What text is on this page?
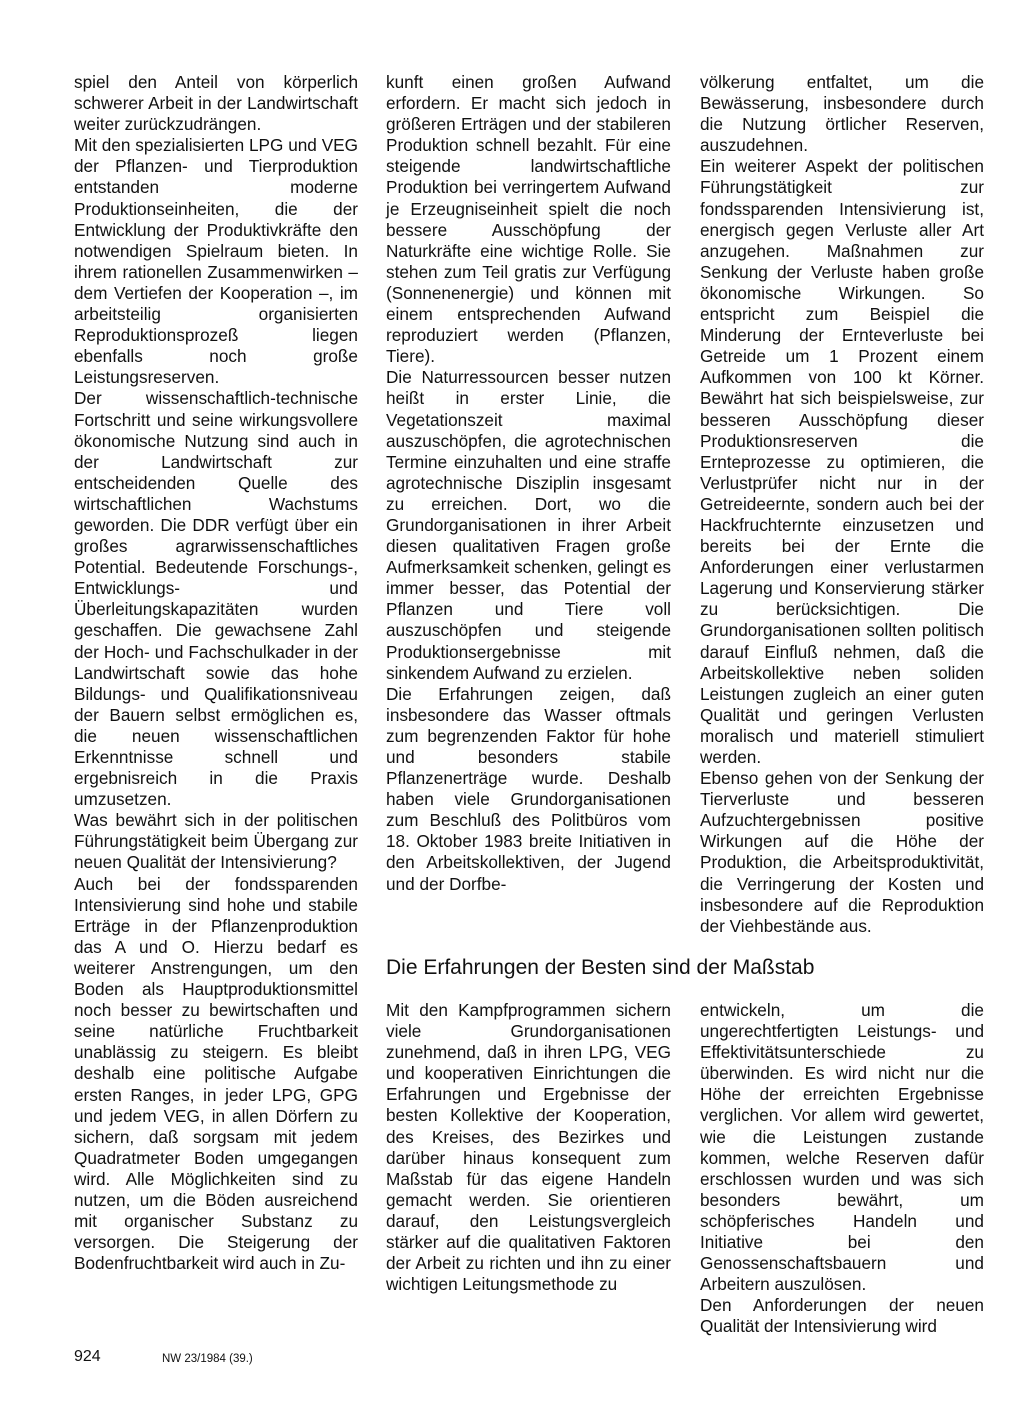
spiel den Anteil von körperlich schwerer Arbeit in der Landwirtschaft weiter zurückzudrängen.

Mit den spezialisierten LPG und VEG der Pflanzen- und Tierproduktion entstanden moderne Produktionseinheiten, die der Entwicklung der Produktivkräfte den notwendigen Spielraum bieten. In ihrem rationellen Zusammenwirken – dem Vertiefen der Kooperation –, im arbeitsteilig organisierten Reproduktionsprozeß liegen ebenfalls noch große Leistungsreserven.

Der wissenschaftlich-technische Fortschritt und seine wirkungsvollere ökonomische Nutzung sind auch in der Landwirtschaft zur entscheidenden Quelle des wirtschaftlichen Wachstums geworden. Die DDR verfügt über ein großes agrarwissenschaftliches Potential. Bedeutende Forschungs-, Entwicklungs- und Überleitungskapazitäten wurden geschaffen. Die gewachsene Zahl der Hoch- und Fachschulkader in der Landwirtschaft sowie das hohe Bildungs- und Qualifikationsniveau der Bauern selbst ermöglichen es, die neuen wissenschaftlichen Erkenntnisse schnell und ergebnisreich in die Praxis umzusetzen.

Was bewährt sich in der politischen Führungstätigkeit beim Übergang zur neuen Qualität der Intensivierung?

Auch bei der fondssparenden Intensivierung sind hohe und stabile Erträge in der Pflanzenproduktion das A und O. Hierzu bedarf es weiterer Anstrengungen, um den Boden als Hauptproduktionsmittel noch besser zu bewirtschaften und seine natürliche Fruchtbarkeit unablässig zu steigern. Es bleibt deshalb eine politische Aufgabe ersten Ranges, in jeder LPG, GPG und jedem VEG, in allen Dörfern zu sichern, daß sorgsam mit jedem Quadratmeter Boden umgegangen wird. Alle Möglichkeiten sind zu nutzen, um die Böden ausreichend mit organischer Substanz zu versorgen. Die Steigerung der Bodenfruchtbarkeit wird auch in Zu-

kunft einen großen Aufwand erfordern. Er macht sich jedoch in größeren Erträgen und der stabileren Produktion schnell bezahlt. Für eine steigende landwirtschaftliche Produktion bei verringertem Aufwand je Erzeugniseinheit spielt die noch bessere Ausschöpfung der Naturkräfte eine wichtige Rolle. Sie stehen zum Teil gratis zur Verfügung (Sonnenenergie) und können mit einem entsprechenden Aufwand reproduziert werden (Pflanzen, Tiere).

Die Naturressourcen besser nutzen heißt in erster Linie, die Vegetationszeit maximal auszuschöpfen, die agrotechnischen Termine einzuhalten und eine straffe agrotechnische Disziplin insgesamt zu erreichen. Dort, wo die Grundorganisationen in ihrer Arbeit diesen qualitativen Fragen große Aufmerksamkeit schenken, gelingt es immer besser, das Potential der Pflanzen und Tiere voll auszuschöpfen und steigende Produktionsergebnisse mit sinkendem Aufwand zu erzielen.

Die Erfahrungen zeigen, daß insbesondere das Wasser oftmals zum begrenzenden Faktor für hohe und besonders stabile Pflanzenerträge wurde. Deshalb haben viele Grundorganisationen zum Beschluß des Politbüros vom 18. Oktober 1983 breite Initiativen in den Arbeitskollektiven, der Jugend und der Dorfbe-

völkerung entfaltet, um die Bewässerung, insbesondere durch die Nutzung örtlicher Reserven, auszudehnen.

Ein weiterer Aspekt der politischen Führungstätigkeit zur fondssparenden Intensivierung ist, energisch gegen Verluste aller Art anzugehen. Maßnahmen zur Senkung der Verluste haben große ökonomische Wirkungen. So entspricht zum Beispiel die Minderung der Ernteverluste bei Getreide um 1 Prozent einem Aufkommen von 100 kt Körner. Bewährt hat sich beispielsweise, zur besseren Ausschöpfung dieser Produktionsreserven die Ernteprozesse zu optimieren, die Verlustprüfer nicht nur in der Getreideernte, sondern auch bei der Hackfruchternte einzusetzen und bereits bei der Ernte die Anforderungen einer verlustarmen Lagerung und Konservierung stärker zu berücksichtigen. Die Grundorganisationen sollten politisch darauf Einfluß nehmen, daß die Arbeitskollektive neben soliden Leistungen zugleich an einer guten Qualität und geringen Verlusten moralisch und materiell stimuliert werden.

Ebenso gehen von der Senkung der Tierverluste und besseren Aufzuchtergebnissen positive Wirkungen auf die Höhe der Produktion, die Arbeitsproduktivität, die Verringerung der Kosten und insbesondere auf die Reproduktion der Viehbestände aus.

Die Erfahrungen der Besten sind der Maßstab

Mit den Kampfprogrammen sichern viele Grundorganisationen zunehmend, daß in ihren LPG, VEG und kooperativen Einrichtungen die Erfahrungen und Ergebnisse der besten Kollektive der Kooperation, des Kreises, des Bezirkes und darüber hinaus konsequent zum Maßstab für das eigene Handeln gemacht werden. Sie orientieren darauf, den Leistungsvergleich stärker auf die qualitativen Faktoren der Arbeit zu richten und ihn zu einer wichtigen Leitungsmethode zu

entwickeln, um die ungerechtfertigten Leistungs- und Effektivitätsunterschiede zu überwinden. Es wird nicht nur die Höhe der erreichten Ergebnisse verglichen. Vor allem wird gewertet, wie die Leistungen zustande kommen, welche Reserven dafür erschlossen wurden und was sich besonders bewährt, um schöpferisches Handeln und Initiative bei den Genossenschaftsbauern und Arbeitern auszulösen.

Den Anforderungen der neuen Qualität der Intensivierung wird

924	NW 23/1984 (39.)
